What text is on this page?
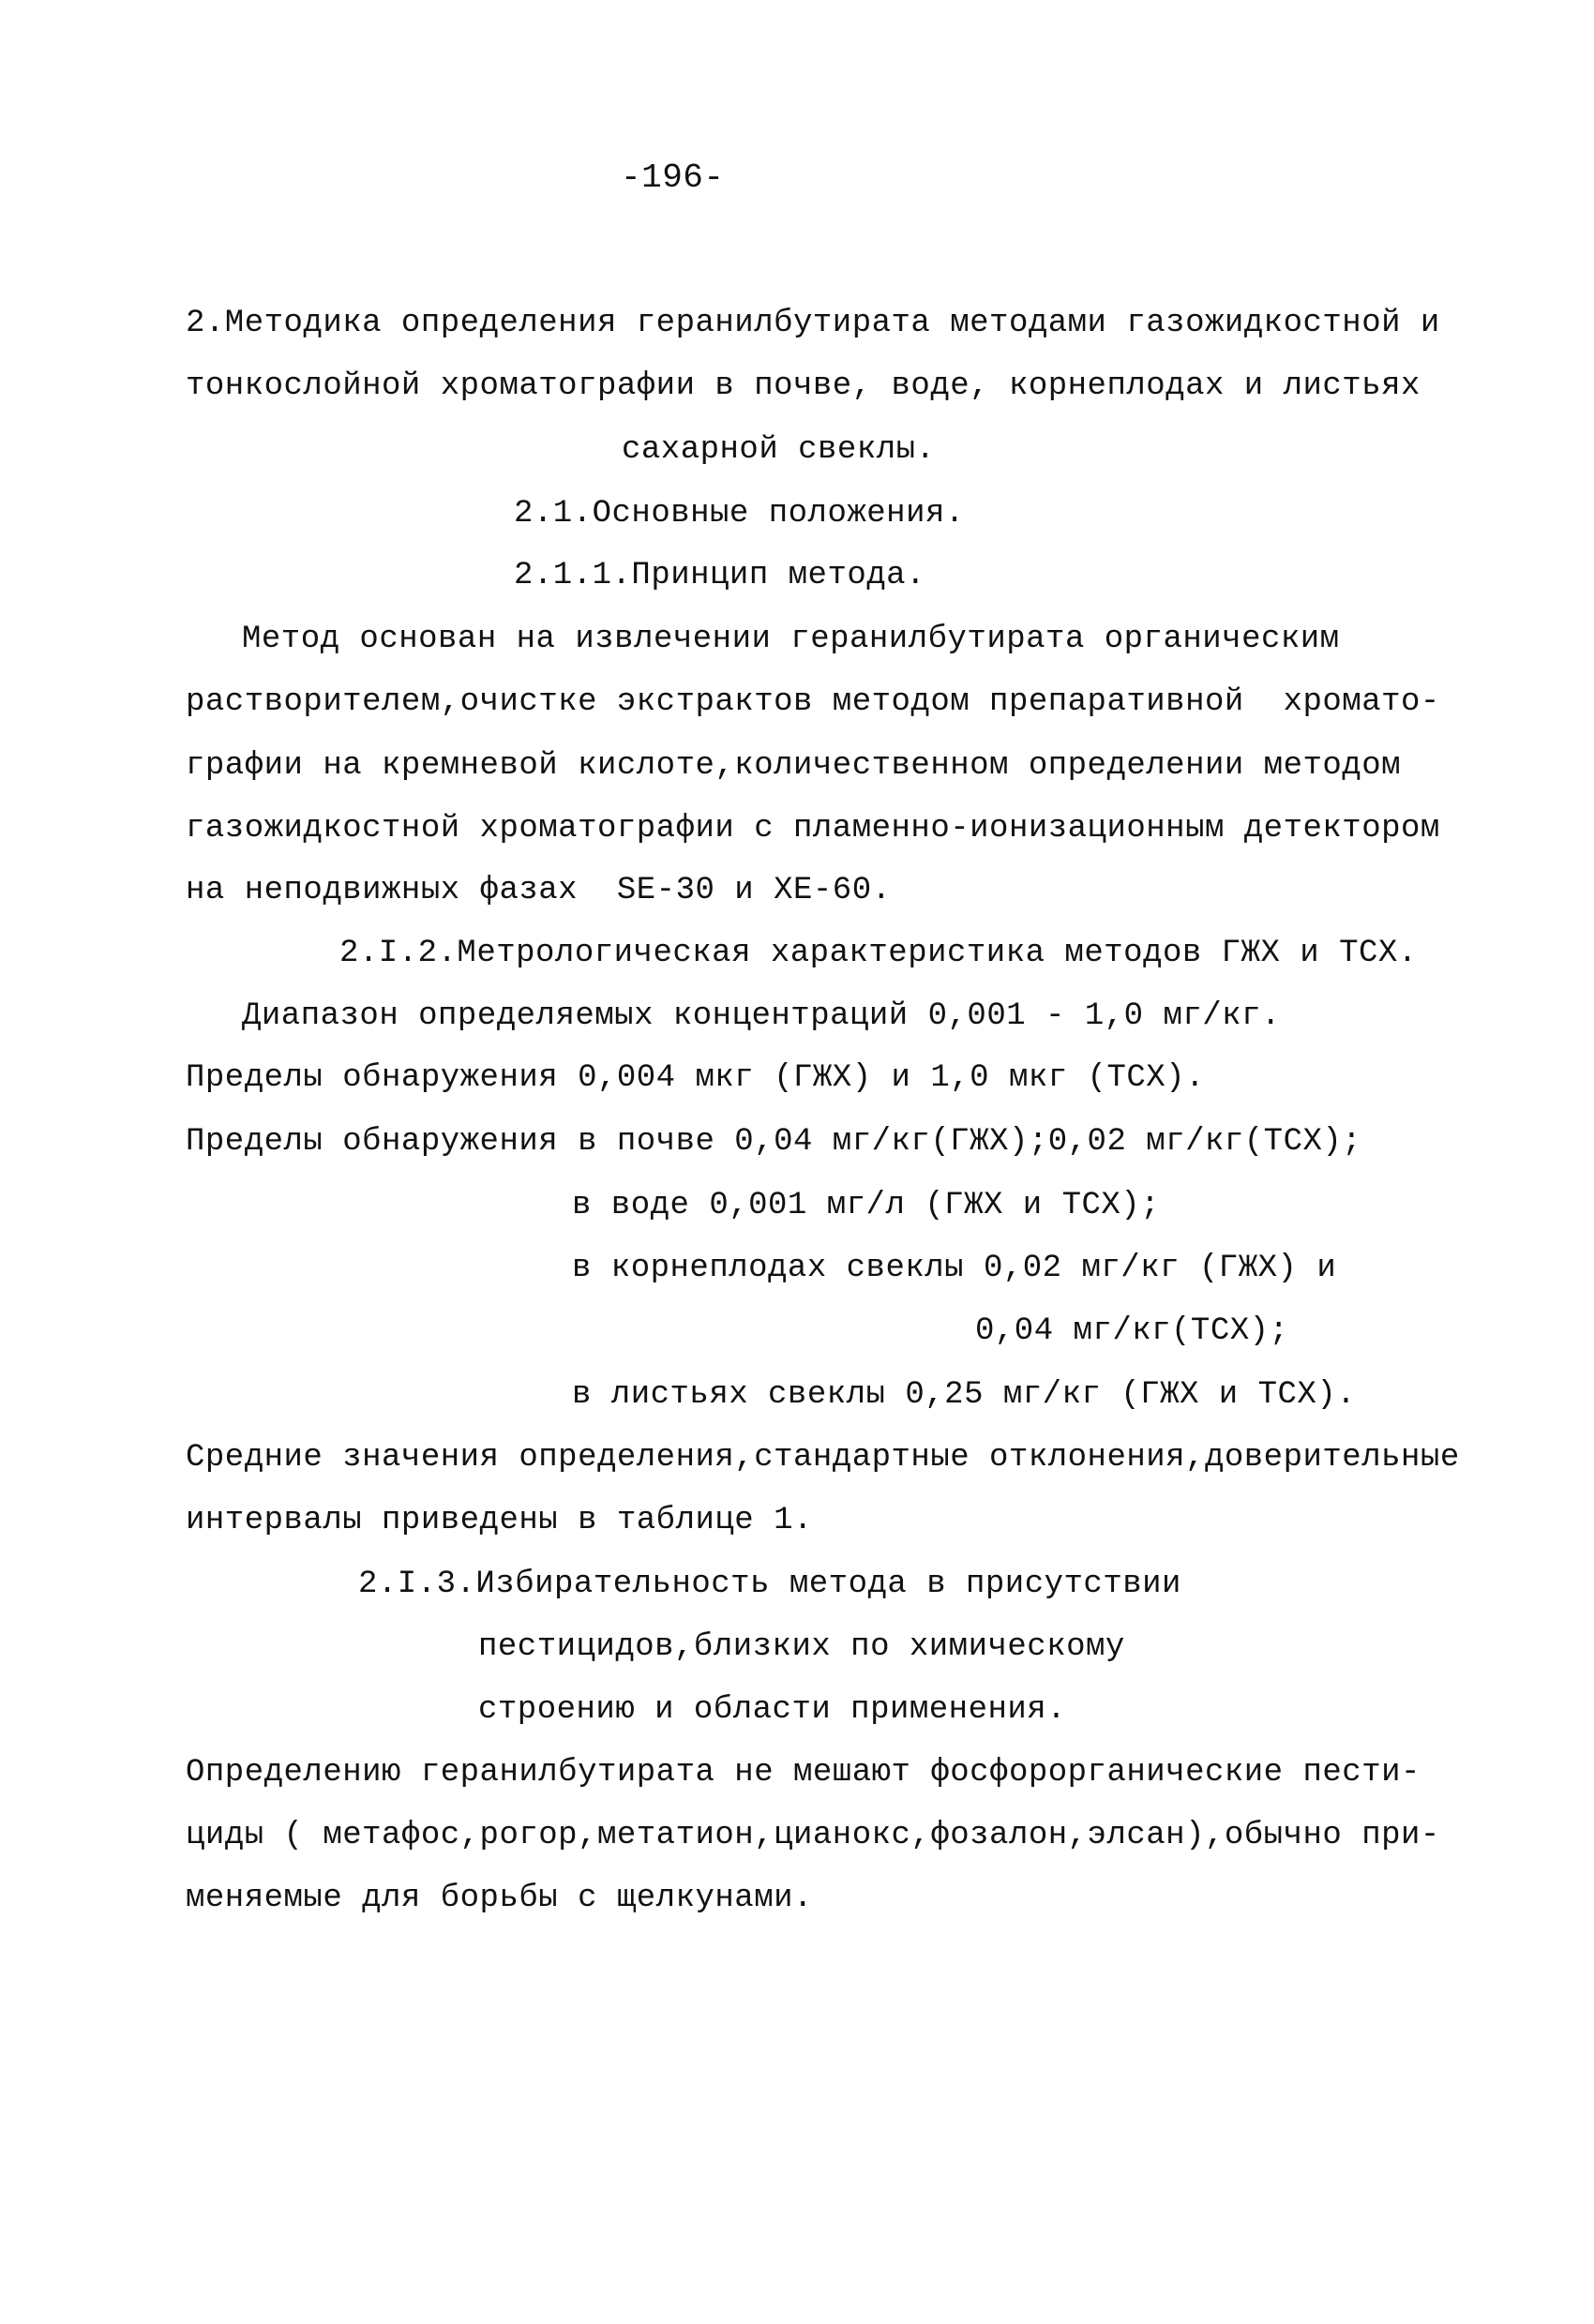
-196-
2.Методика определения геранилбутирата методами газожидкостной и
тонкослойной хроматографии в почве, воде, корнеплодах и листьях
сахарной свеклы.
2.1.Основные положения.
2.1.1.Принцип метода.
Метод основан на извлечении геранилбутирата органическим
растворителем,очистке экстрактов методом препаративной  хромато-
графии на кремневой кислоте,количественном определении методом
газожидкостной хроматографии с пламенно-ионизационным детектором
на неподвижных фазах  SE-30 и XE-60.
2.I.2.Метрологическая характеристика методов ГЖХ и ТСХ.
Диапазон определяемых концентраций 0,001 - 1,0 мг/кг.
Пределы обнаружения 0,004 мкг (ГЖХ) и 1,0 мкг (ТСХ).
Пределы обнаружения в почве 0,04 мг/кг(ГЖХ);0,02 мг/кг(ТСХ);
в воде 0,001 мг/л (ГЖХ и ТСХ);
в корнеплодах свеклы 0,02 мг/кг (ГЖХ) и
0,04 мг/кг(ТСХ);
в листьях свеклы 0,25 мг/кг (ГЖХ и ТСХ).
Средние значения определения,стандартные отклонения,доверительные
интервалы приведены в таблице 1.
2.I.3.Избирательность метода в присутствии
пестицидов,близких по химическому
строению и области применения.
Определению геранилбутирата не мешают фосфорорганические пести-
циды ( метафос,рогор,метатион,цианокс,фозалон,элсан),обычно при-
меняемые для борьбы с щелкунами.
